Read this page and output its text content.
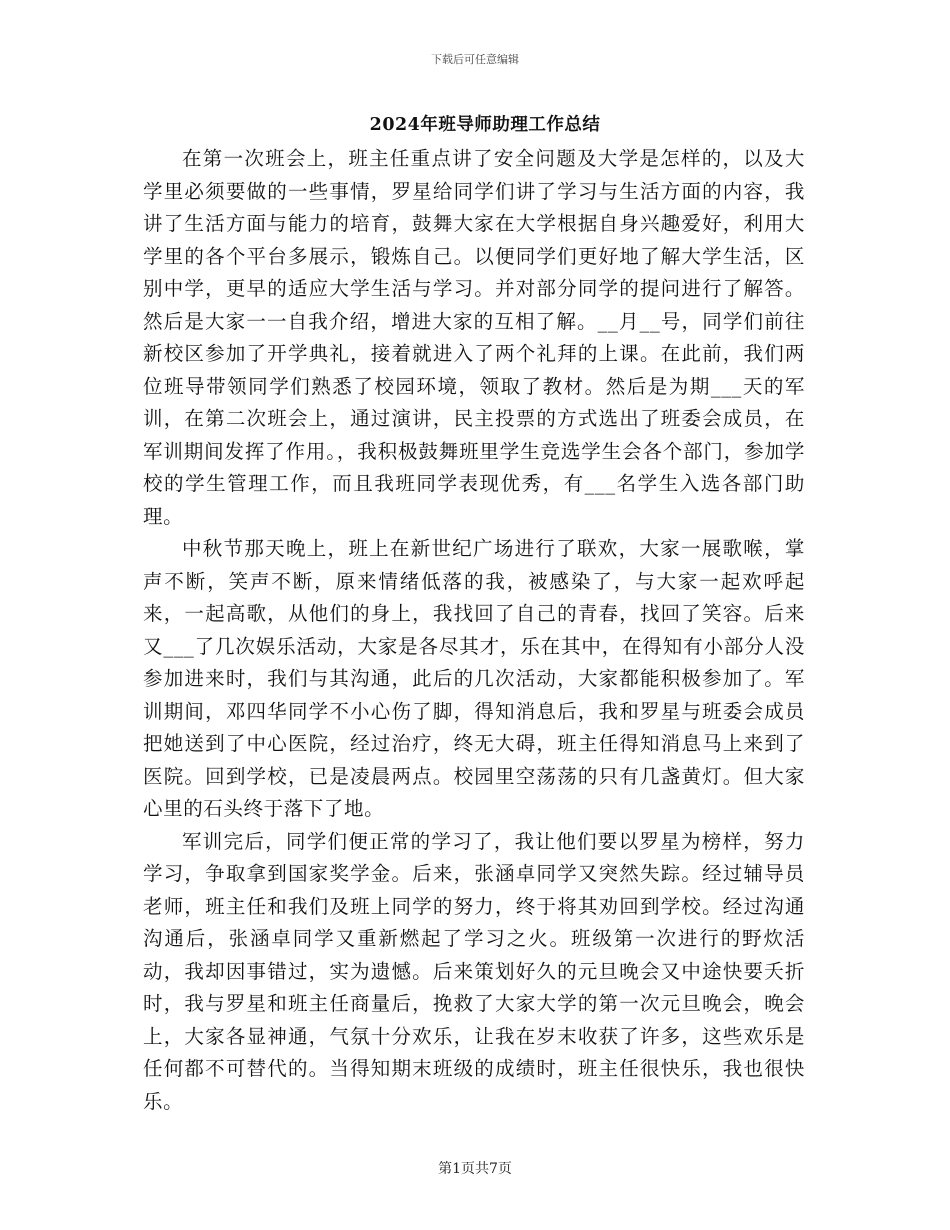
下载后可任意编辑
2024年班导师助理工作总结

在第一次班会上，班主任重点讲了安全问题及大学是怎样的，以及大学里必须要做的一些事情，罗星给同学们讲了学习与生活方面的内容，我讲了生活方面与能力的培育，鼓舞大家在大学根据自身兴趣爱好，利用大学里的各个平台多展示，锻炼自己。以便同学们更好地了解大学生活，区别中学，更早的适应大学生活与学习。并对部分同学的提问进行了解答。然后是大家一一自我介绍，增进大家的互相了解。__月__号，同学们前往新校区参加了开学典礼，接着就进入了两个礼拜的上课。在此前，我们两位班导带领同学们熟悉了校园环境，领取了教材。然后是为期___天的军训，在第二次班会上，通过演讲，民主投票的方式选出了班委会成员，在军训期间发挥了作用。，我积极鼓舞班里学生竞选学生会各个部门，参加学校的学生管理工作，而且我班同学表现优秀，有___名学生入选各部门助理。

中秋节那天晚上，班上在新世纪广场进行了联欢，大家一展歌喉，掌声不断，笑声不断，原来情绪低落的我，被感染了，与大家一起欢呼起来，一起高歌，从他们的身上，我找回了自己的青春，找回了笑容。后来又___了几次娱乐活动，大家是各尽其才，乐在其中，在得知有小部分人没参加进来时，我们与其沟通，此后的几次活动，大家都能积极参加了。军训期间，邓四华同学不小心伤了脚，得知消息后，我和罗星与班委会成员把她送到了中心医院，经过治疗，终无大碍，班主任得知消息马上来到了医院。回到学校，已是凌晨两点。校园里空荡荡的只有几盏黄灯。但大家心里的石头终于落下了地。

军训完后，同学们便正常的学习了，我让他们要以罗星为榜样，努力学习，争取拿到国家奖学金。后来，张涵卓同学又突然失踪。经过辅导员老师，班主任和我们及班上同学的努力，终于将其劝回到学校。经过沟通沟通后，张涵卓同学又重新燃起了学习之火。班级第一次进行的野炊活动，我却因事错过，实为遗憾。后来策划好久的元旦晚会又中途快要夭折时，我与罗星和班主任商量后，挽救了大家大学的第一次元旦晚会，晚会上，大家各显神通，气氛十分欢乐，让我在岁末收获了许多，这些欢乐是任何都不可替代的。当得知期末班级的成绩时，班主任很快乐，我也很快乐。

第1页共7页
